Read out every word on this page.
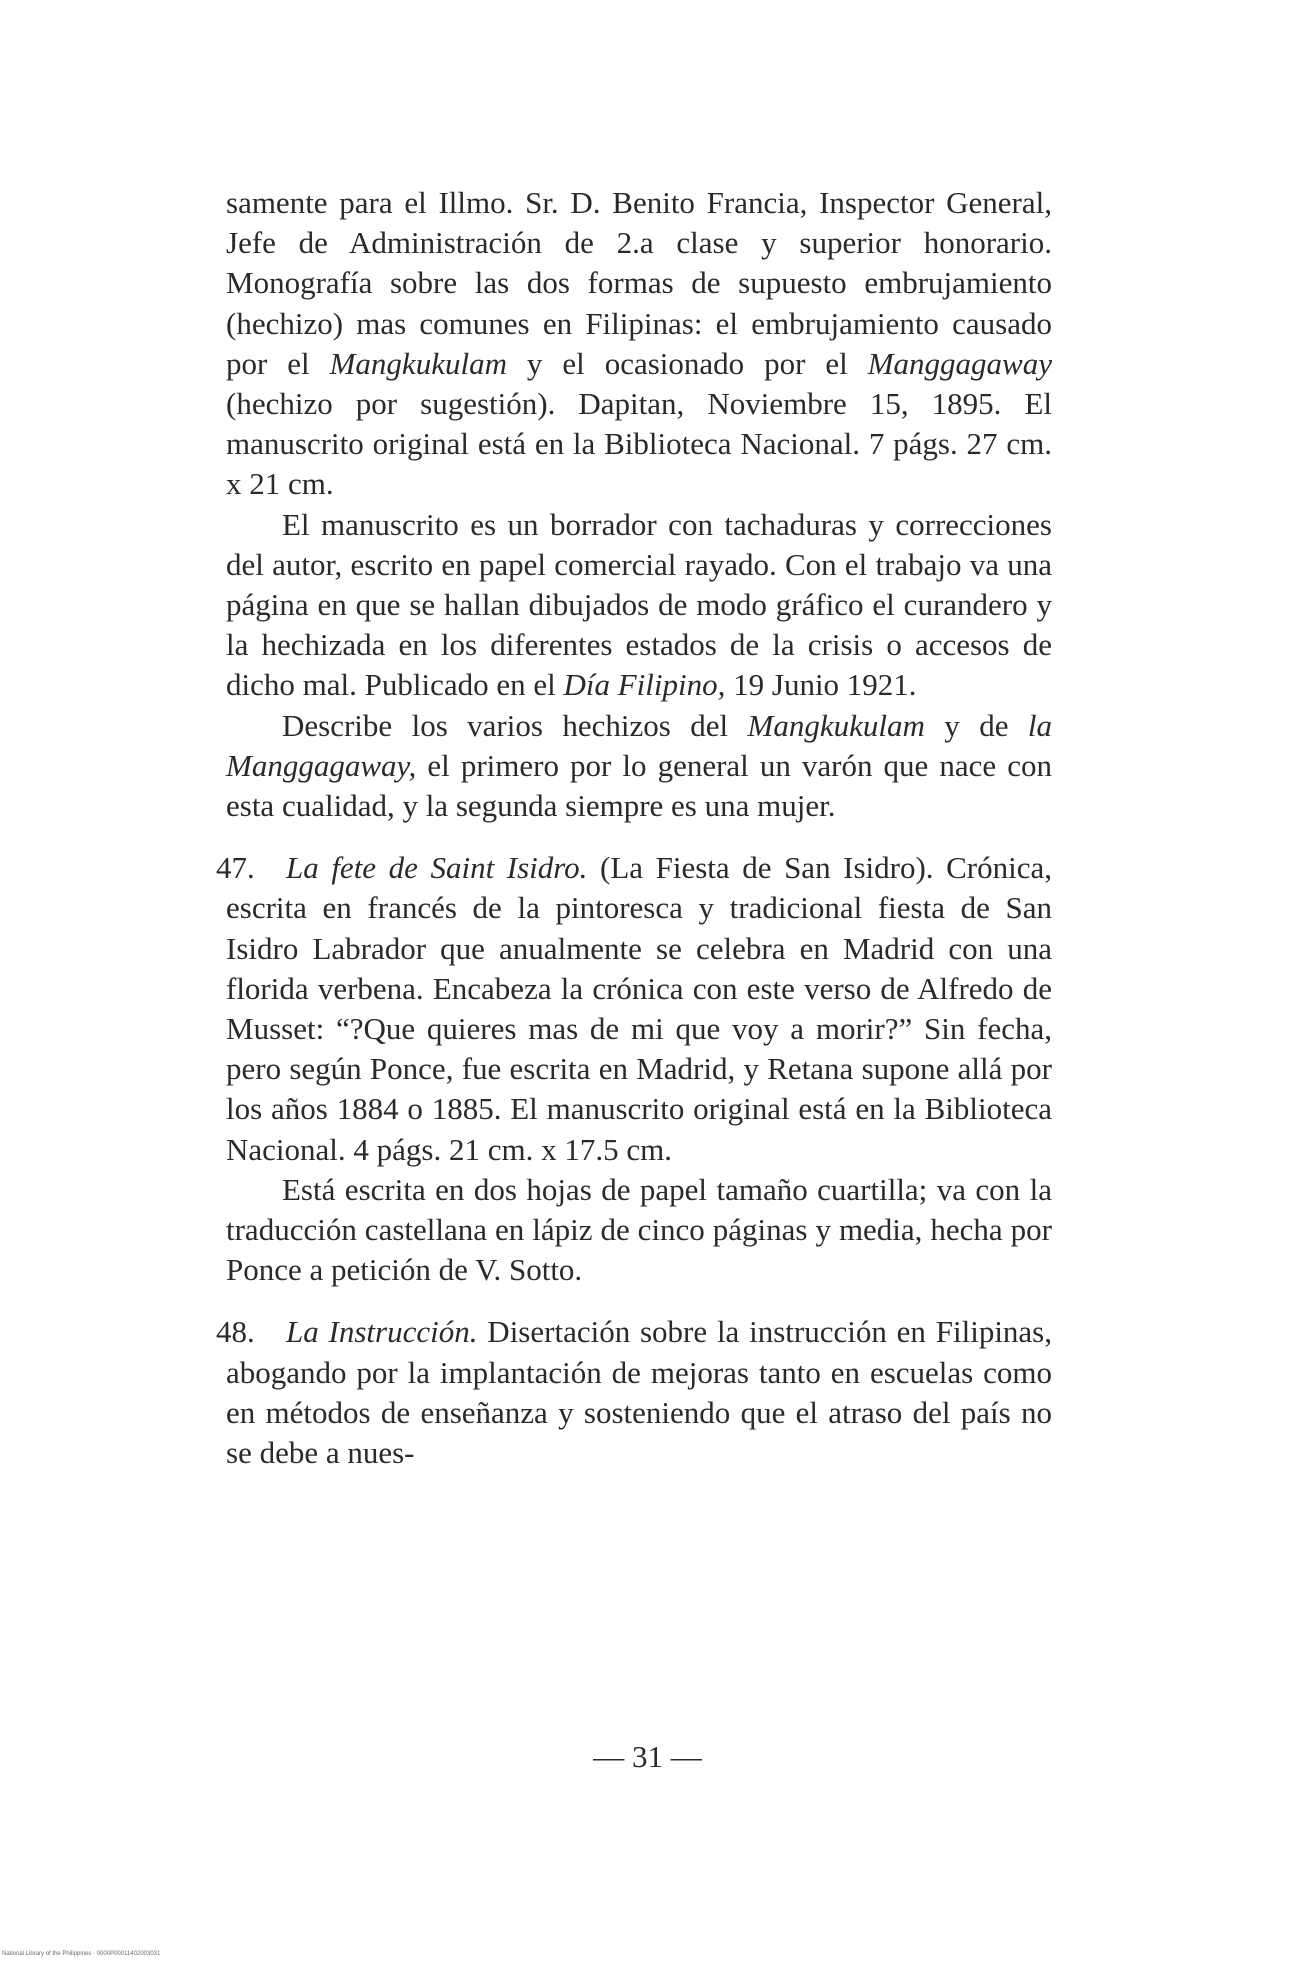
samente para el Illmo. Sr. D. Benito Francia, Inspector General, Jefe de Administración de 2.a clase y superior honorario. Monografía sobre las dos formas de supuesto embrujamiento (hechizo) mas comunes en Filipinas: el embrujamiento causado por el Mangkukulam y el ocasionado por el Manggagaway (hechizo por sugestión). Dapitan, Noviembre 15, 1895. El manuscrito original está en la Biblioteca Nacional. 7 págs. 27 cm. x 21 cm.

El manuscrito es un borrador con tachaduras y correcciones del autor, escrito en papel comercial rayado. Con el trabajo va una página en que se hallan dibujados de modo gráfico el curandero y la hechizada en los diferentes estados de la crisis o accesos de dicho mal. Publicado en el Día Filipino, 19 Junio 1921.

Describe los varios hechizos del Mangkukulam y de la Manggagaway, el primero por lo general un varón que nace con esta cualidad, y la segunda siempre es una mujer.

47. La fete de Saint Isidro. (La Fiesta de San Isidro). Crónica, escrita en francés de la pintoresca y tradicional fiesta de San Isidro Labrador que anualmente se celebra en Madrid con una florida verbena. Encabeza la crónica con este verso de Alfredo de Musset: “?Que quieres mas de mi que voy a morir?” Sin fecha, pero según Ponce, fue escrita en Madrid, y Retana supone allá por los años 1884 o 1885. El manuscrito original está en la Biblioteca Nacional. 4 págs. 21 cm. x 17.5 cm.

Está escrita en dos hojas de papel tamaño cuartilla; va con la traducción castellana en lápiz de cinco páginas y media, hecha por Ponce a petición de V. Sotto.

48. La Instrucción. Disertación sobre la instrucción en Filipinas, abogando por la implantación de mejoras tanto en escuelas como en métodos de enseñanza y sosteniendo que el atraso del país no se debe a nues-

— 31 —
National Library of the Philippines · 0000P00011402003031
